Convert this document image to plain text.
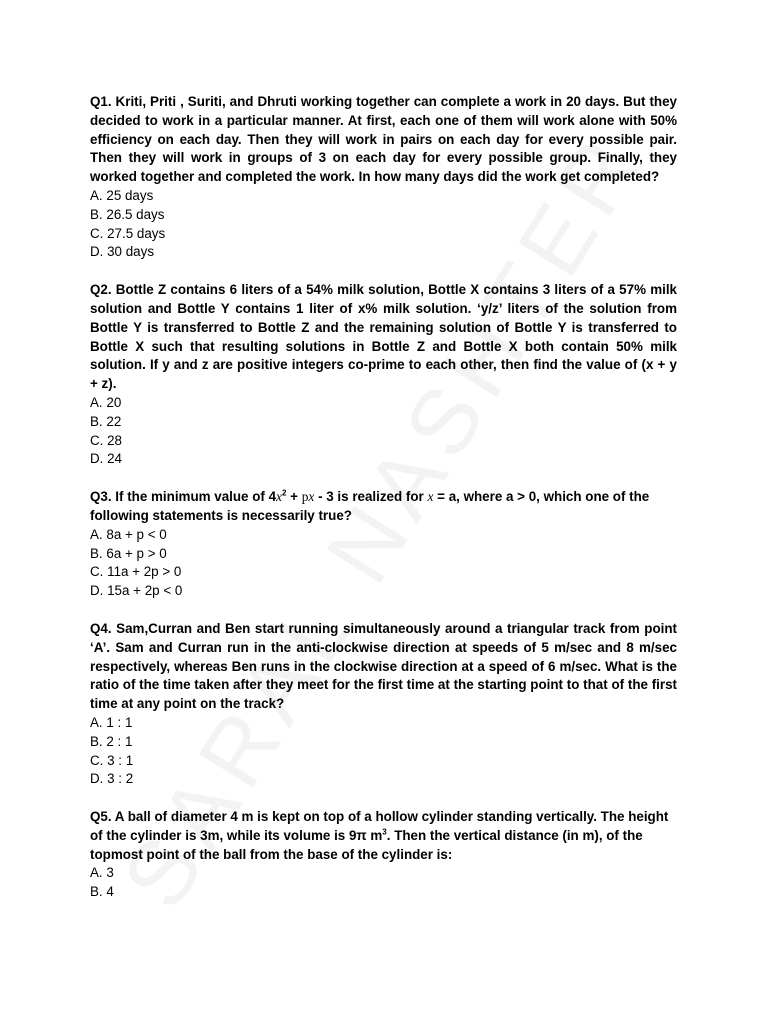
Q1. Kriti, Priti , Suriti, and Dhruti working together can complete a work in 20 days. But they decided to work in a particular manner. At first, each one of them will work alone with 50% efficiency on each day. Then they will work in pairs on each day for every possible pair. Then they will work in groups of 3 on each day for every possible group. Finally, they worked together and completed the work. In how many days did the work get completed?

A. 25 days
B. 26.5 days
C. 27.5 days
D. 30 days

Q2. Bottle Z contains 6 liters of a 54% milk solution, Bottle X contains 3 liters of a 57% milk solution and Bottle Y contains 1 liter of x% milk solution. ‘y/z’ liters of the solution from Bottle Y is transferred to Bottle Z and the remaining solution of Bottle Y is transferred to Bottle X such that resulting solutions in Bottle Z and Bottle X both contain 50% milk solution. If y and z are positive integers co-prime to each other, then find the value of (x + y + z).

A. 20
B. 22
C. 28
D. 24

Q3. If the minimum value of $4x^2$ + px - 3 is realized for x = a, where a > 0, which one of the following statements is necessarily true?

A. 8a + p < 0
B. 6a + p > 0
C. 11a + 2p > 0
D. 15a + 2p < 0

Q4. Sam,Curran and Ben start running simultaneously around a triangular track from point ‘A’. Sam and Curran run in the anti-clockwise direction at speeds of 5 m/sec and 8 m/sec respectively, whereas Ben runs in the clockwise direction at a speed of 6 m/sec. What is the ratio of the time taken after they meet for the first time at the starting point to that of the first time at any point on the track?

A. 1 : 1
B. 2 : 1
C. 3 : 1
D. 3 : 2

Q5. A ball of diameter 4 m is kept on top of a hollow cylinder standing vertically. The height of the cylinder is 3m, while its volume is 9π $m^3$. Then the vertical distance (in m), of the topmost point of the ball from the base of the cylinder is:

A. 3
B. 4
